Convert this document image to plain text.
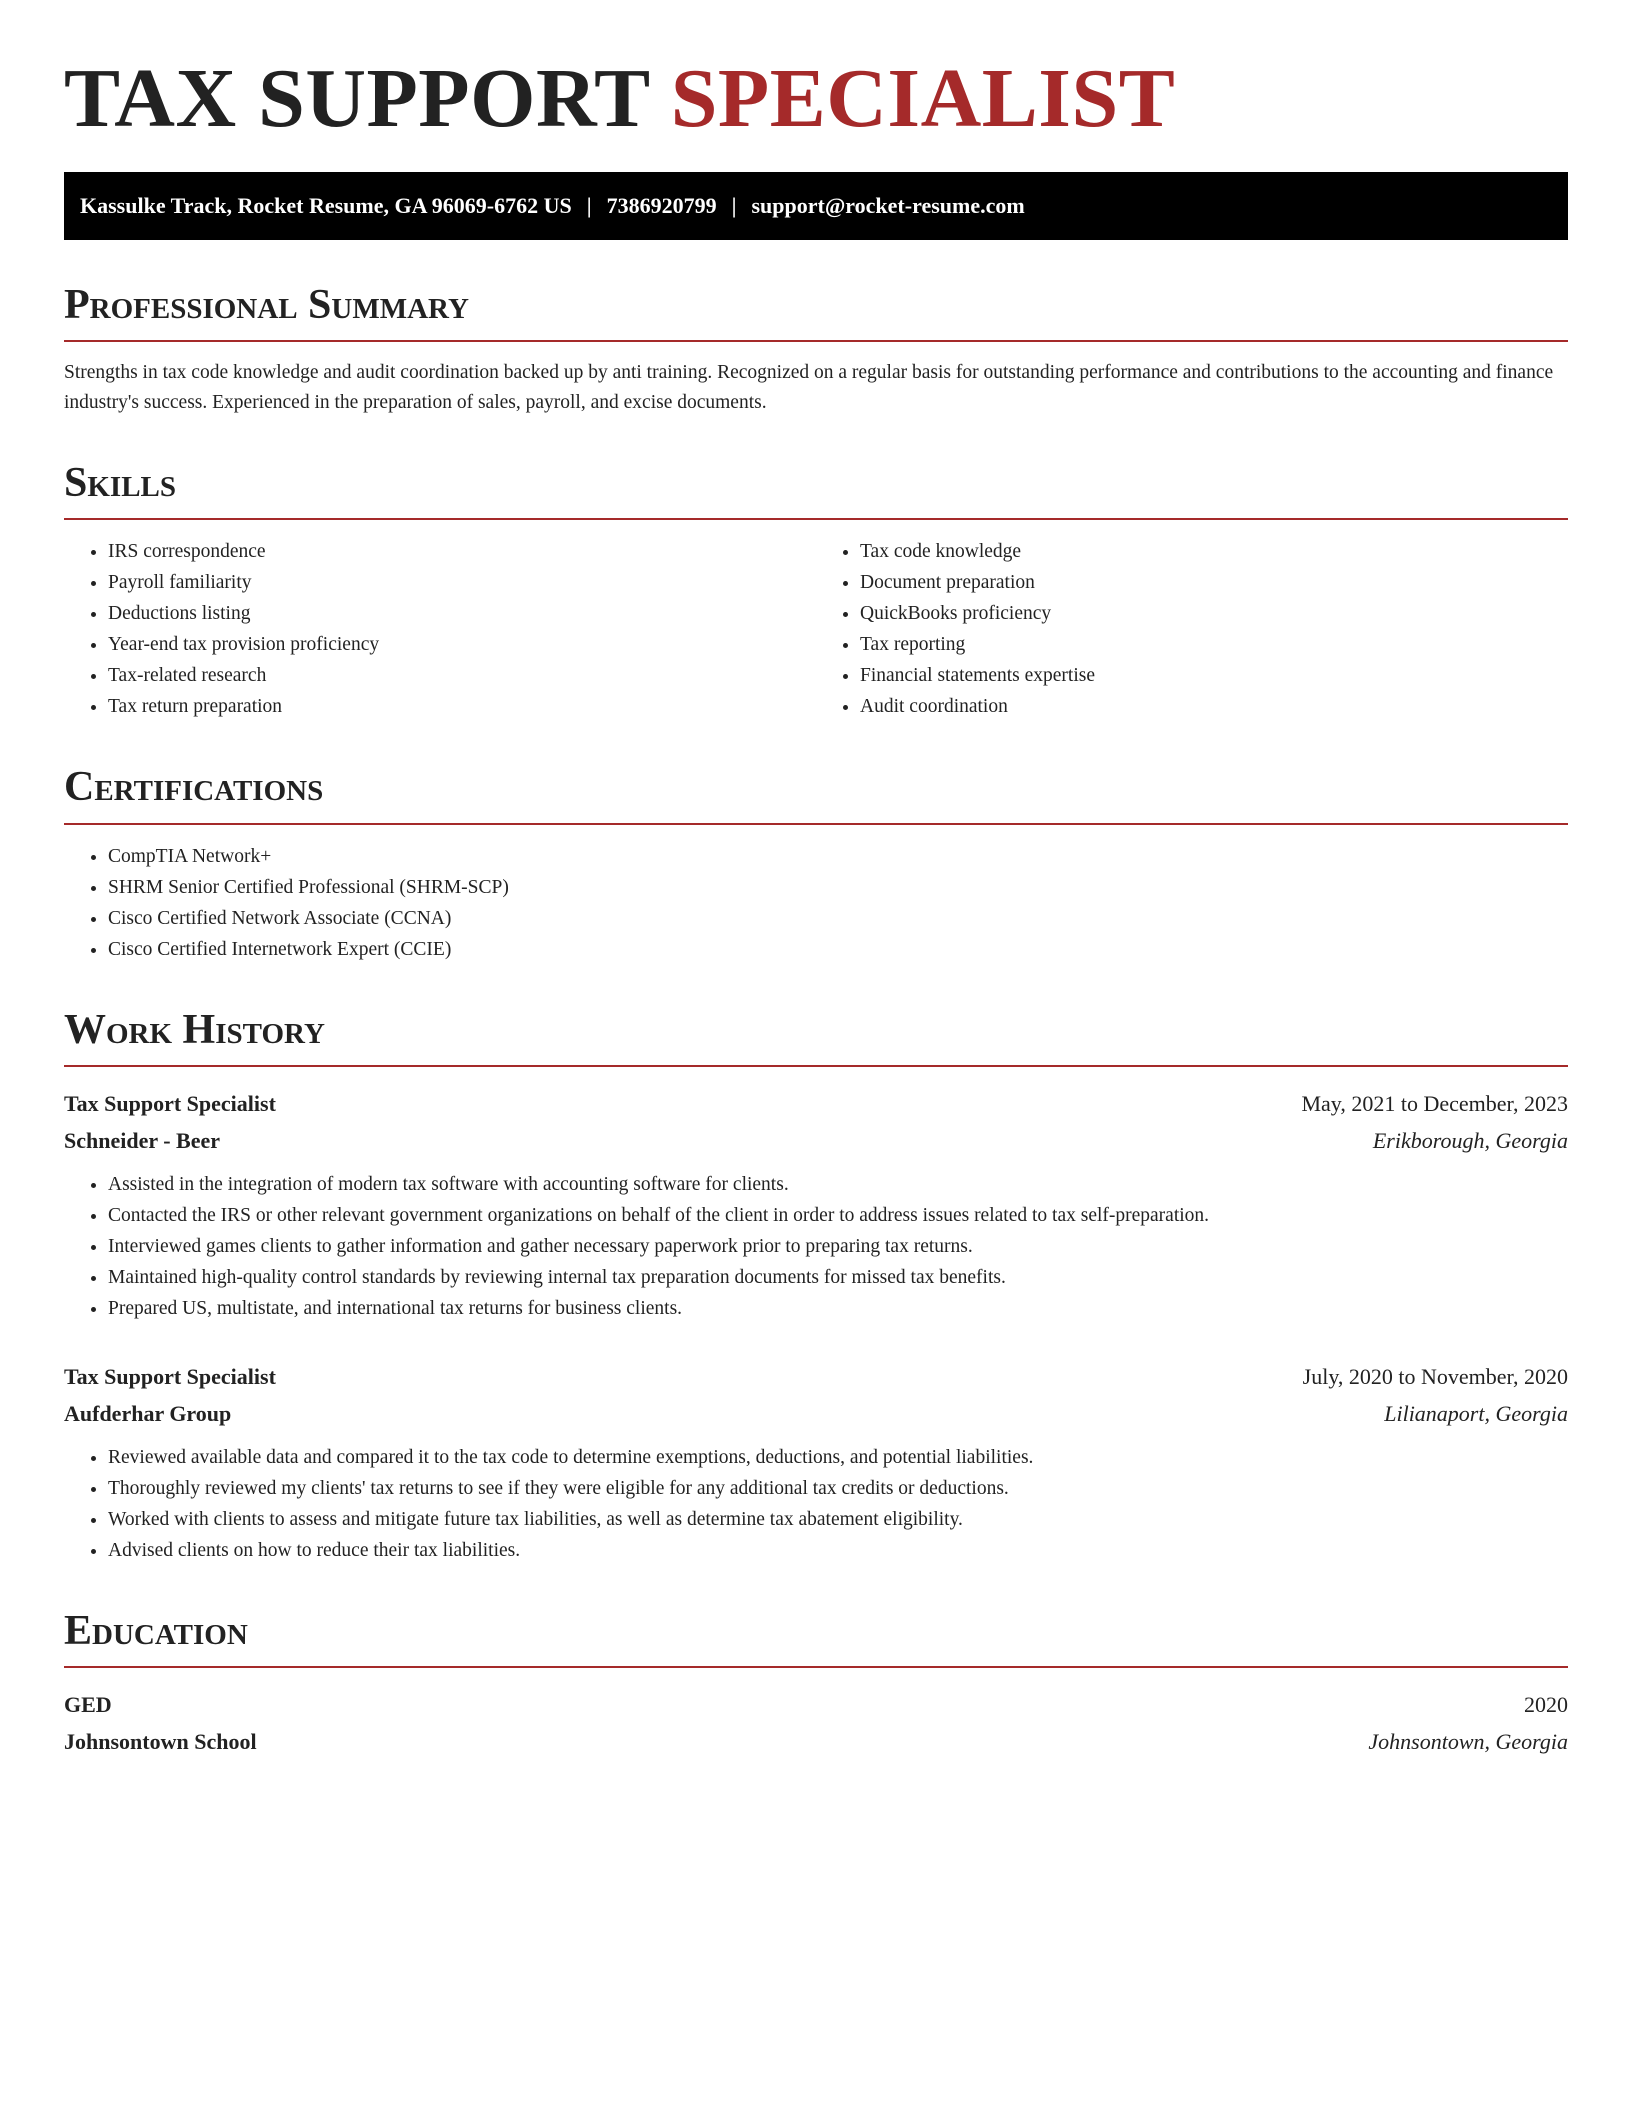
TAX SUPPORT SPECIALIST
Kassulke Track, Rocket Resume, GA 96069-6762 US | 7386920799 | support@rocket-resume.com
Professional Summary

Strengths in tax code knowledge and audit coordination backed up by anti training. Recognized on a regular basis for outstanding performance and contributions to the accounting and finance industry's success. Experienced in the preparation of sales, payroll, and excise documents.

Skills
• IRS correspondence
• Payroll familiarity
• Deductions listing
• Year-end tax provision proficiency
• Tax-related research
• Tax return preparation
• Tax code knowledge
• Document preparation
• QuickBooks proficiency
• Tax reporting
• Financial statements expertise
• Audit coordination
Certifications
• CompTIA Network+
• SHRM Senior Certified Professional (SHRM-SCP)
• Cisco Certified Network Associate (CCNA)
• Cisco Certified Internetwork Expert (CCIE)
Work History
Tax Support Specialist	May, 2021 to December, 2023
Schneider - Beer	Erikborough, Georgia
• Assisted in the integration of modern tax software with accounting software for clients.
• Contacted the IRS or other relevant government organizations on behalf of the client in order to address issues related to tax self-preparation.
• Interviewed games clients to gather information and gather necessary paperwork prior to preparing tax returns.
• Maintained high-quality control standards by reviewing internal tax preparation documents for missed tax benefits.
• Prepared US, multistate, and international tax returns for business clients.
Tax Support Specialist	July, 2020 to November, 2020
Aufderhar Group	Lilianaport, Georgia
• Reviewed available data and compared it to the tax code to determine exemptions, deductions, and potential liabilities.
• Thoroughly reviewed my clients' tax returns to see if they were eligible for any additional tax credits or deductions.
• Worked with clients to assess and mitigate future tax liabilities, as well as determine tax abatement eligibility.
• Advised clients on how to reduce their tax liabilities.
Education
GED	2020
Johnsontown School	Johnsontown, Georgia
